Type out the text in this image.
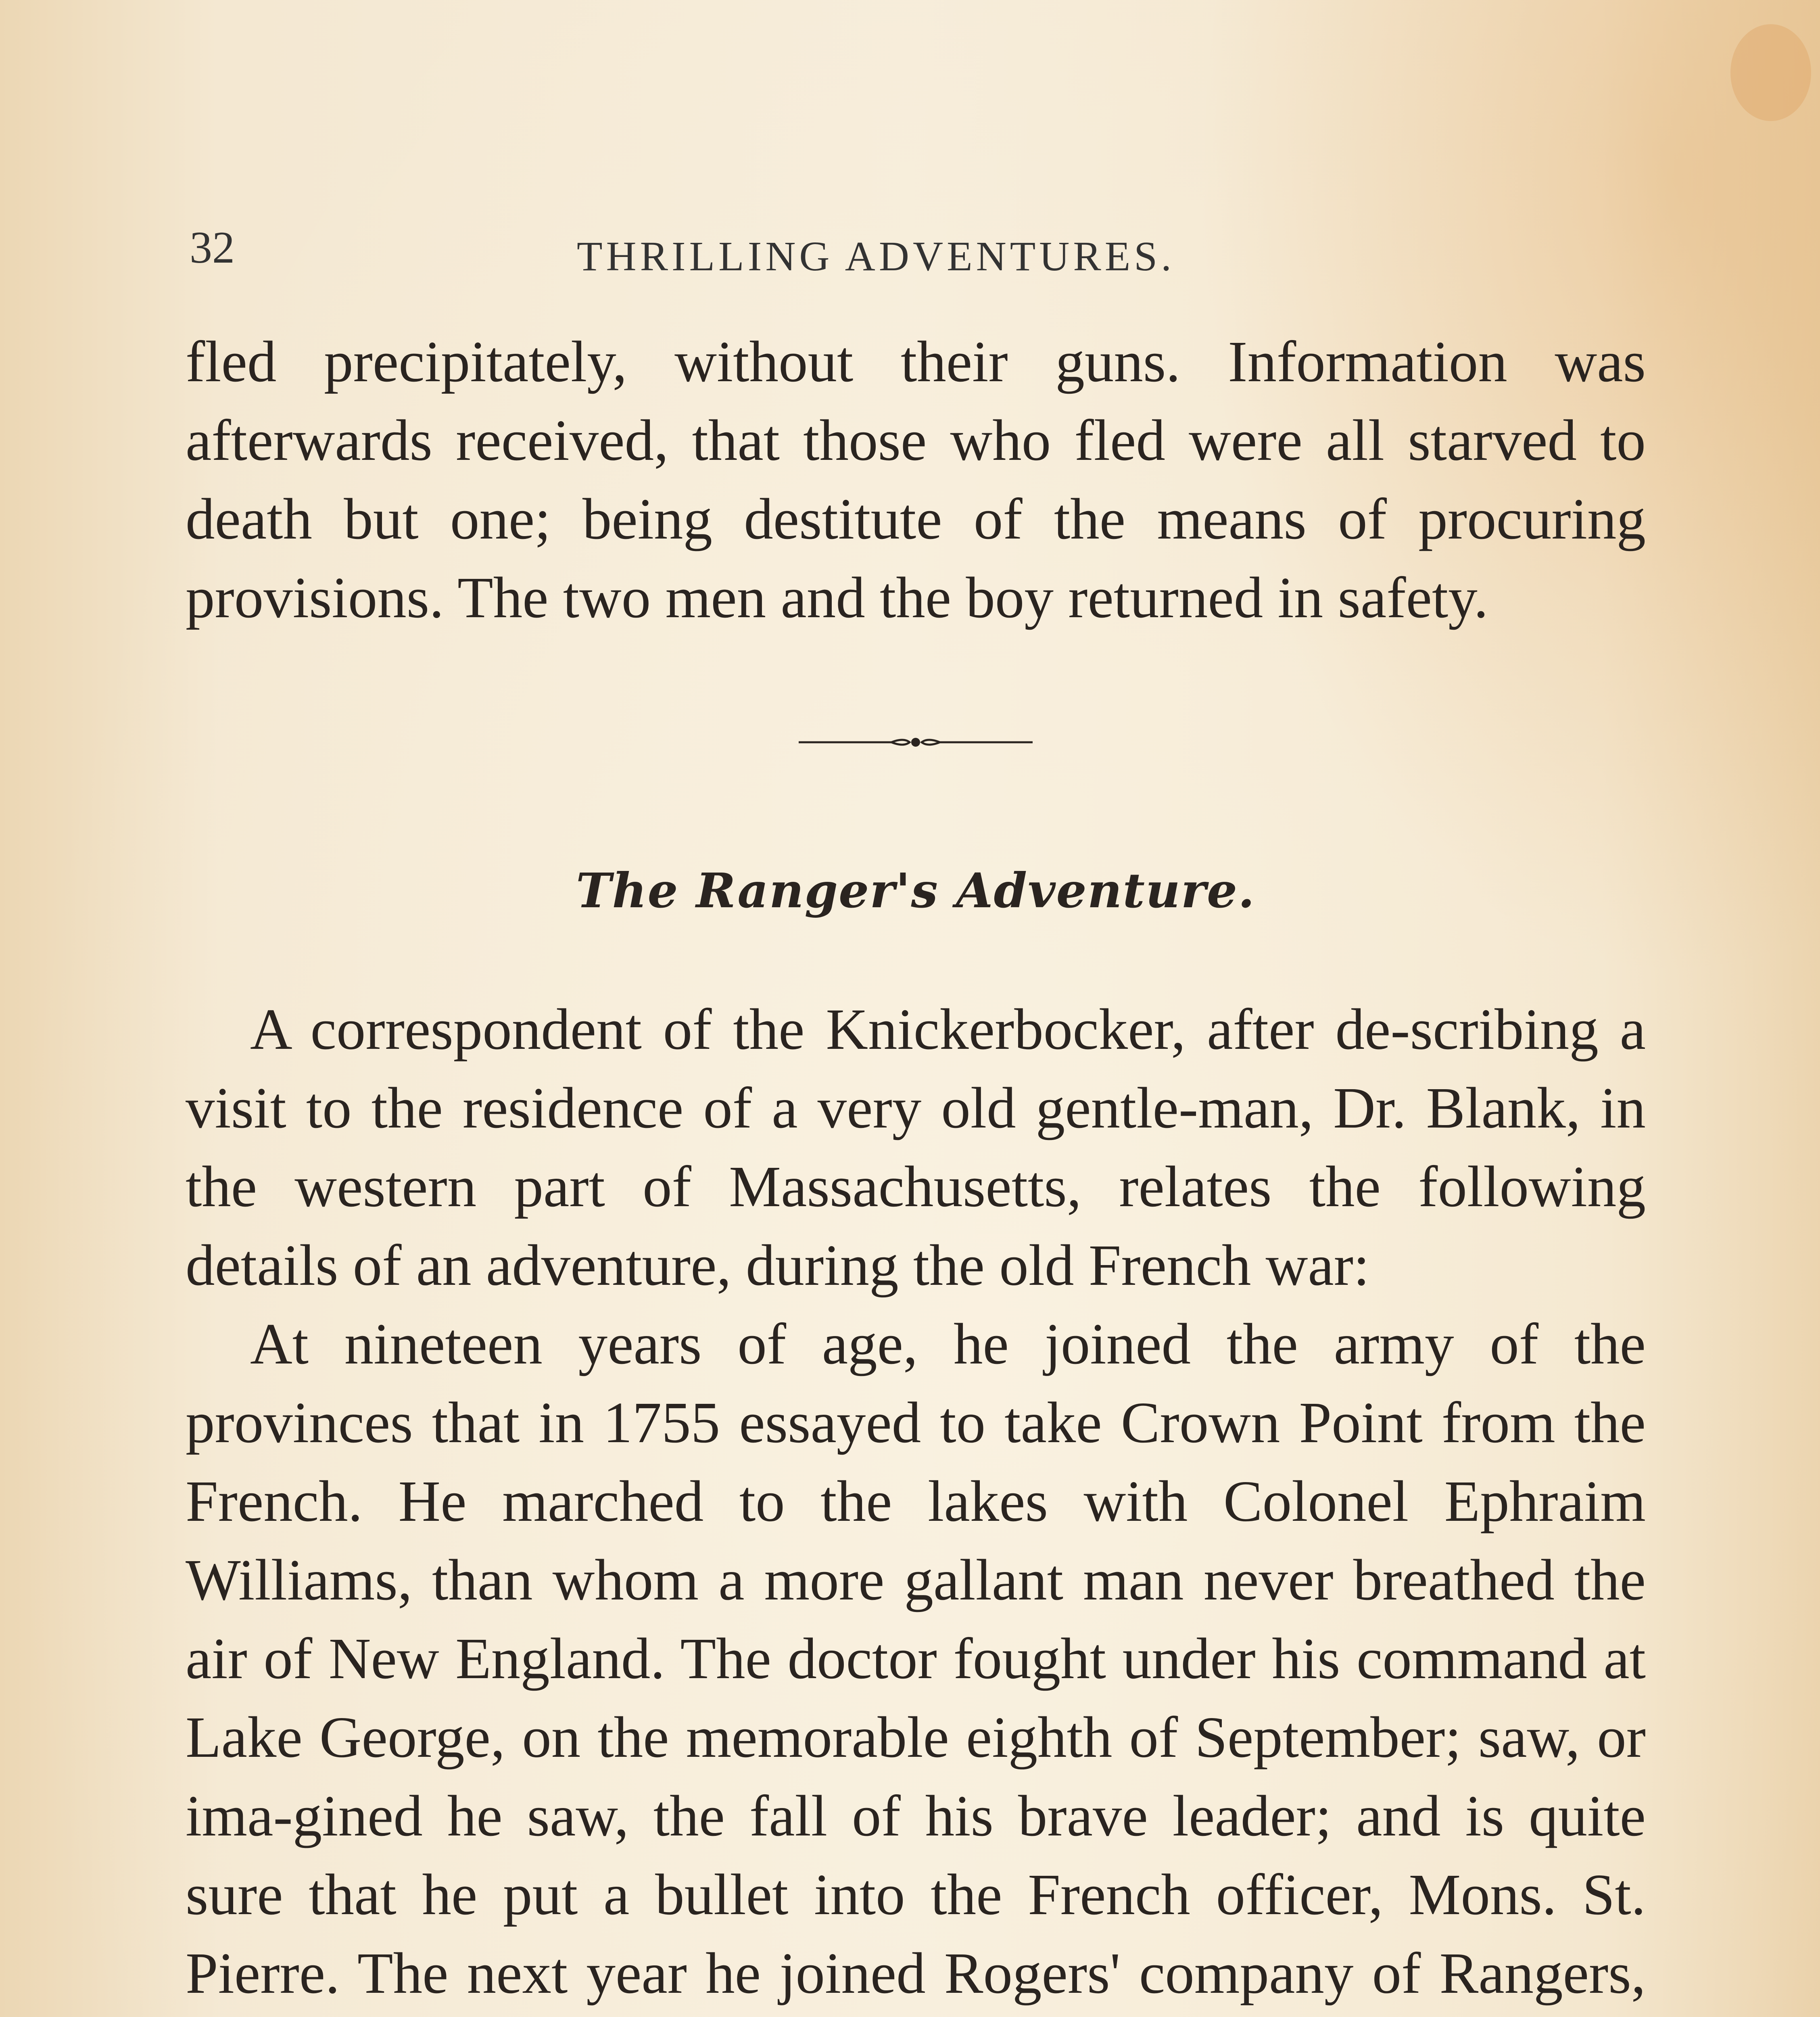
32	THRILLING ADVENTURES.

fled precipitately, without their guns. Information was afterwards received, that those who fled were all starved to death but one; being destitute of the means of procuring provisions. The two men and the boy returned in safety.

The Ranger's Adventure.

A correspondent of the Knickerbocker, after de-scribing a visit to the residence of a very old gentle-man, Dr. Blank, in the western part of Massachusetts, relates the following details of an adventure, during the old French war:

At nineteen years of age, he joined the army of the provinces that in 1755 essayed to take Crown Point from the French. He marched to the lakes with Colonel Ephraim Williams, than whom a more gallant man never breathed the air of New England. The doctor fought under his command at Lake George, on the memorable eighth of September; saw, or ima-gined he saw, the fall of his brave leader; and is quite sure that he put a bullet into the French officer, Mons. St. Pierre. The next year he joined Rogers' company of Rangers,
